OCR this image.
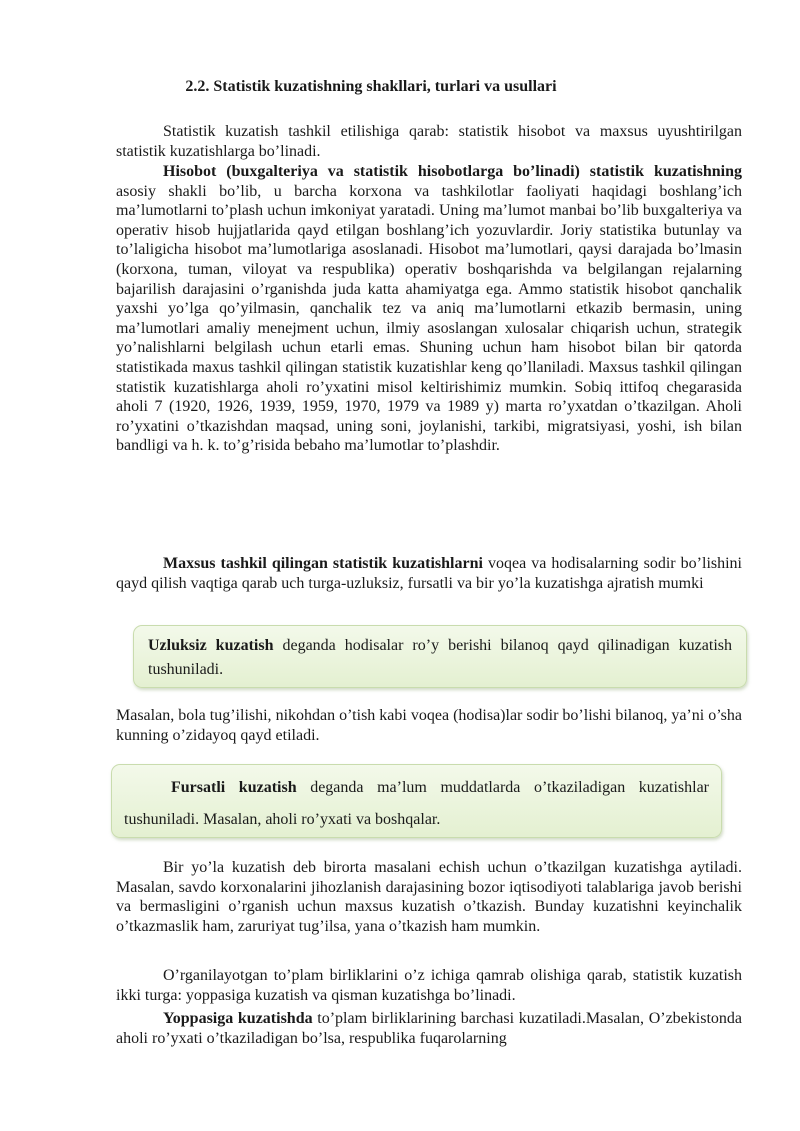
2.2. Statistik kuzatishning shakllari, turlari va usullari

Statistik kuzatish tashkil etilishiga qarab: statistik hisobot va maxsus uyushtirilgan statistik kuzatishlarga bo’linadi.

Hisobot (buxgalteriya va statistik hisobotlarga bo’linadi) statistik kuzatishning asosiy shakli bo’lib, u barcha korxona va tashkilotlar faoliyati haqidagi boshlang’ich ma’lumotlarni to’plash uchun imkoniyat yaratadi. Uning ma’lumot manbai bo’lib buxgalteriya va operativ hisob hujjatlarida qayd etilgan boshlang’ich yozuvlardir. Joriy statistika butunlay va to’laligicha hisobot ma’lumotlariga asoslanadi. Hisobot ma’lumotlari, qaysi darajada bo’lmasin (korxona, tuman, viloyat va respublika) operativ boshqarishda va belgilangan rejalarning bajarilish darajasini o’rganishda juda katta ahamiyatga ega. Ammo statistik hisobot qanchalik yaxshi yo’lga qo’yilmasin, qanchalik tez va aniq ma’lumotlarni etkazib bermasin, uning ma’lumotlari amaliy menejment uchun, ilmiy asoslangan xulosalar chiqarish uchun, strategik yo’nalishlarni belgilash uchun etarli emas. Shuning uchun ham hisobot bilan bir qatorda statistikada maxus tashkil qilingan statistik kuzatishlar keng qo’llaniladi. Maxsus tashkil qilingan statistik kuzatishlarga aholi ro’yxatini misol keltirishimiz mumkin. Sobiq ittifoq chegarasida aholi 7 (1920, 1926, 1939, 1959, 1970, 1979 va 1989 y) marta ro’yxatdan o’tkazilgan. Aholi ro’yxatini o’tkazishdan maqsad, uning soni, joylanishi, tarkibi, migratsiyasi, yoshi, ish bilan bandligi va h. k. to’g’risida bebaho ma’lumotlar to’plashdir.

Maxsus tashkil qilingan statistik kuzatishlarni voqea va hodisalarning sodir bo’lishini qayd qilish vaqtiga qarab uch turga-uzluksiz, fursatli va bir yo’la kuzatishga ajratish mumki

Masalan, bola tug’ilishi, nikohdan o’tish kabi voqea (hodisa)lar sodir bo’lishi bilanoq, ya’ni o’sha kunning o’zidayoq qayd etiladi.

Bir yo’la kuzatish deb birorta masalani echish uchun o’tkazilgan kuzatishga aytiladi. Masalan, savdo korxonalarini jihozlanish darajasining bozor iqtisodiyoti talablariga javob berishi va bermasligini o’rganish uchun maxsus kuzatish o’tkazish. Bunday kuzatishni keyinchalik o’tkazmaslik ham, zaruriyat tug’ilsa, yana o’tkazish ham mumkin.

O’rganilayotgan to’plam birliklarini o’z ichiga qamrab olishiga qarab, statistik kuzatish ikki turga: yoppasiga kuzatish va qisman kuzatishga bo’linadi.

Yoppasiga kuzatishda to’plam birliklarining barchasi kuzatiladi.Masalan, O’zbekistonda aholi ro’yxati o’tkaziladigan bo’lsa, respublika fuqarolarning

Uzluksiz kuzatish deganda hodisalar ro’y berishi bilanoq qayd qilinadigan kuzatish tushuniladi.
Fursatli kuzatish deganda ma’lum muddatlarda o’tkaziladigan kuzatishlar tushuniladi. Masalan, aholi ro’yxati va boshqalar.
